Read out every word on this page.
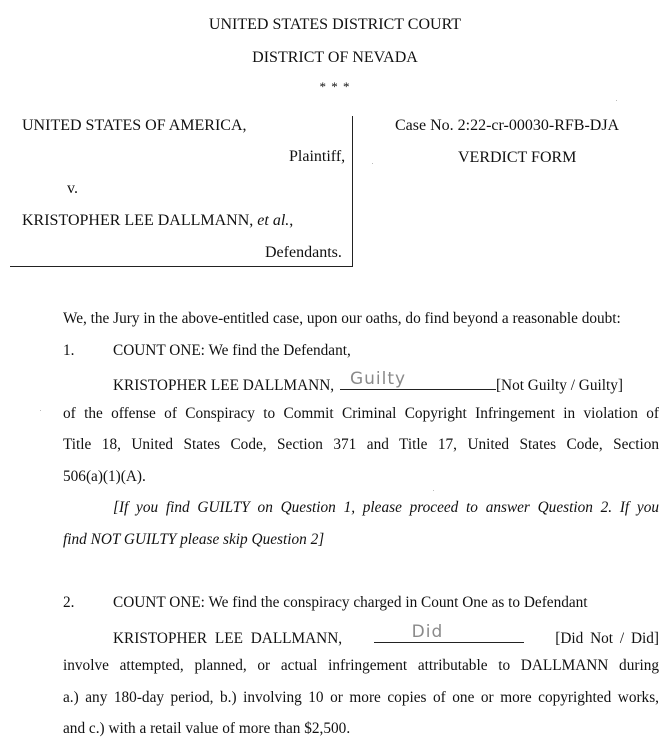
UNITED STATES DISTRICT COURT
DISTRICT OF NEVADA
* * *
UNITED STATES OF AMERICA,
Plaintiff,
v.
KRISTOPHER LEE DALLMANN, et al.,
Defendants.
Case No. 2:22-cr-00030-RFB-DJA
VERDICT FORM
We, the Jury in the above-entitled case, upon our oaths, do find beyond a reasonable doubt:
1.	COUNT ONE: We find the Defendant,
KRISTOPHER LEE DALLMANN, Guilty	[Not Guilty / Guilty]
of the offense of Conspiracy to Commit Criminal Copyright Infringement in violation of
Title 18, United States Code, Section 371 and Title 17, United States Code, Section
506(a)(1)(A).
[If you find GUILTY on Question 1, please proceed to answer Question 2. If you
find NOT GUILTY please skip Question 2]
2.	COUNT ONE: We find the conspiracy charged in Count One as to Defendant
KRISTOPHER LEE DALLMANN,	Did	[Did Not / Did]
involve attempted, planned, or actual infringement attributable to DALLMANN during
a.) any 180-day period, b.) involving 10 or more copies of one or more copyrighted works,
and c.) with a retail value of more than $2,500.
